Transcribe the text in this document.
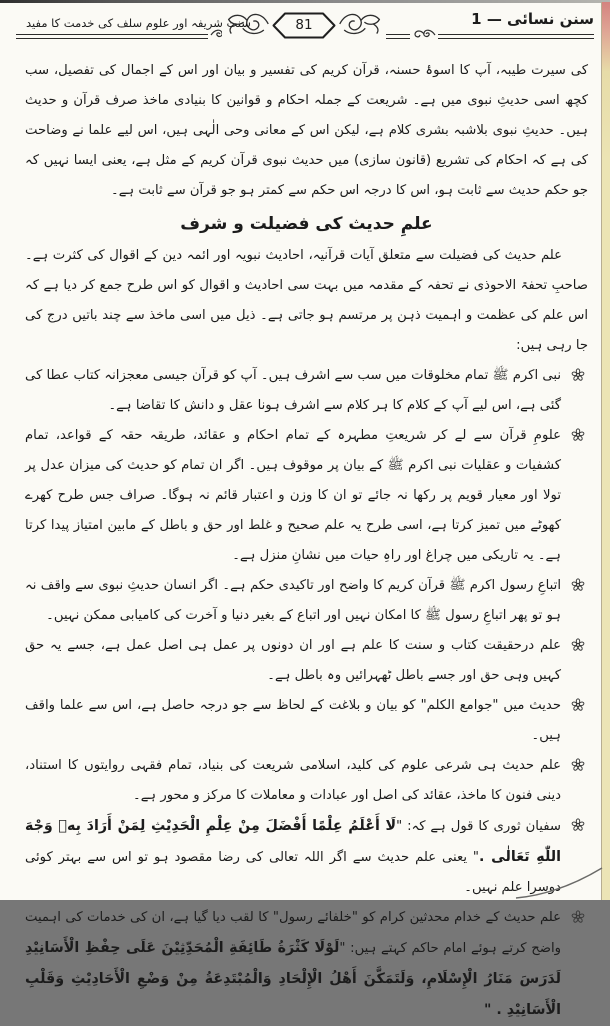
سنن نسائی — 1
81
سنت شریفہ اور علوم سلف کی خدمت کا مفید

کی سیرت طیبہ، آپ کا اسوۂ حسنہ، قرآن کریم کی تفسیر و بیان اور اس کے اجمال کی تفصیل، سب کچھ اسی حدیثِ نبوی میں ہے۔ شریعت کے جملہ احکام و قوانین کا بنیادی ماخذ صرف قرآن و حدیث ہیں۔ حدیثِ نبوی بلاشبہ بشری کلام ہے، لیکن اس کے معانی وحی الٰہی ہیں، اس لیے علما نے وضاحت کی ہے کہ احکام کی تشریع (قانون سازی) میں حدیث نبوی قرآن کریم کے مثل ہے، یعنی ایسا نہیں کہ جو حکم حدیث سے ثابت ہو، اس کا درجہ اس حکم سے کمتر ہو جو قرآن سے ثابت ہے۔

علمِ حدیث کی فضیلت و شرف

علم حدیث کی فضیلت سے متعلق آیات قرآنیہ، احادیث نبویہ اور ائمہ دین کے اقوال کی کثرت ہے۔ صاحبِ تحفۃ الاحوذی نے تحفہ کے مقدمہ میں بہت سی احادیث و اقوال کو اس طرح جمع کر دیا ہے کہ اس علم کی عظمت و اہمیت ذہن پر مرتسم ہو جاتی ہے۔ ذیل میں اسی ماخذ سے چند باتیں درج کی جا رہی ہیں:

نبی اکرم ﷺ تمام مخلوقات میں سب سے اشرف ہیں۔ آپ کو قرآن جیسی معجزانہ کتاب عطا کی گئی ہے، اس لیے آپ کے کلام کا ہر کلام سے اشرف ہونا عقل و دانش کا تقاضا ہے۔
علومِ قرآن سے لے کر شریعتِ مطہرہ کے تمام احکام و عقائد، طریقہ حقہ کے قواعد، تمام کشفیات و عقلیات نبی اکرم ﷺ کے بیان پر موقوف ہیں۔ اگر ان تمام کو حدیث کی میزان عدل پر تولا اور معیار قویم پر رکھا نہ جائے تو ان کا وزن و اعتبار قائم نہ ہوگا۔ صراف جس طرح کھرے کھوٹے میں تمیز کرتا ہے، اسی طرح یہ علم صحیح و غلط اور حق و باطل کے مابین امتیاز پیدا کرتا ہے۔ یہ تاریکی میں چراغ اور راہِ حیات میں نشانِ منزل ہے۔
اتباعِ رسول اکرم ﷺ قرآن کریم کا واضح اور تاکیدی حکم ہے۔ اگر انسان حدیثِ نبوی سے واقف نہ ہو تو پھر اتباعِ رسول ﷺ کا امکان نہیں اور اتباع کے بغیر دنیا و آخرت کی کامیابی ممکن نہیں۔
علم درحقیقت کتاب و سنت کا علم ہے اور ان دونوں پر عمل ہی اصل عمل ہے، جسے یہ حق کہیں وہی حق اور جسے باطل ٹھہرائیں وہ باطل ہے۔
حدیث میں "جوامع الکلم" کو بیان و بلاغت کے لحاظ سے جو درجہ حاصل ہے، اس سے علما واقف ہیں۔
علم حدیث ہی شرعی علوم کی کلید، اسلامی شریعت کی بنیاد، تمام فقہی روایتوں کا استناد، دینی فنون کا ماخذ، عقائد کی اصل اور عبادات و معاملات کا مرکز و محور ہے۔
سفیان ثوری کا قول ہے کہ: "لَا أَعْلَمُ عِلْمًا أَفْضَلَ مِنْ عِلْمِ الْحَدِيْثِ لِمَنْ أَرَادَ بِهٖ وَجْهَ اللّٰهِ تَعَالٰى ." یعنی علم حدیث سے اگر اللہ تعالی کی رضا مقصود ہو تو اس سے بہتر کوئی دوسرا علم نہیں۔
علم حدیث کے خدام محدثین کرام کو "خلفائے رسول" کا لقب دیا گیا ہے، ان کی خدمات کی اہمیت واضح کرتے ہوئے امام حاکم کہتے ہیں: "لَوْلَا كَثْرَةُ طَائِفَةِ الْمُحَدِّثِيْنَ عَلَى حِفْظِ الْأَسَانِيْدِ لَدَرَسَ مَنَارُ الْإِسْلَامِ، وَلَتَمَكَّنَ أَهْلُ الْإِلْحَادِ وَالْمُبْتَدِعَةُ مِنْ وَضْعِ الْأَحَادِيْثِ وَقَلْبِ الْأَسَانِيْدِ . "
